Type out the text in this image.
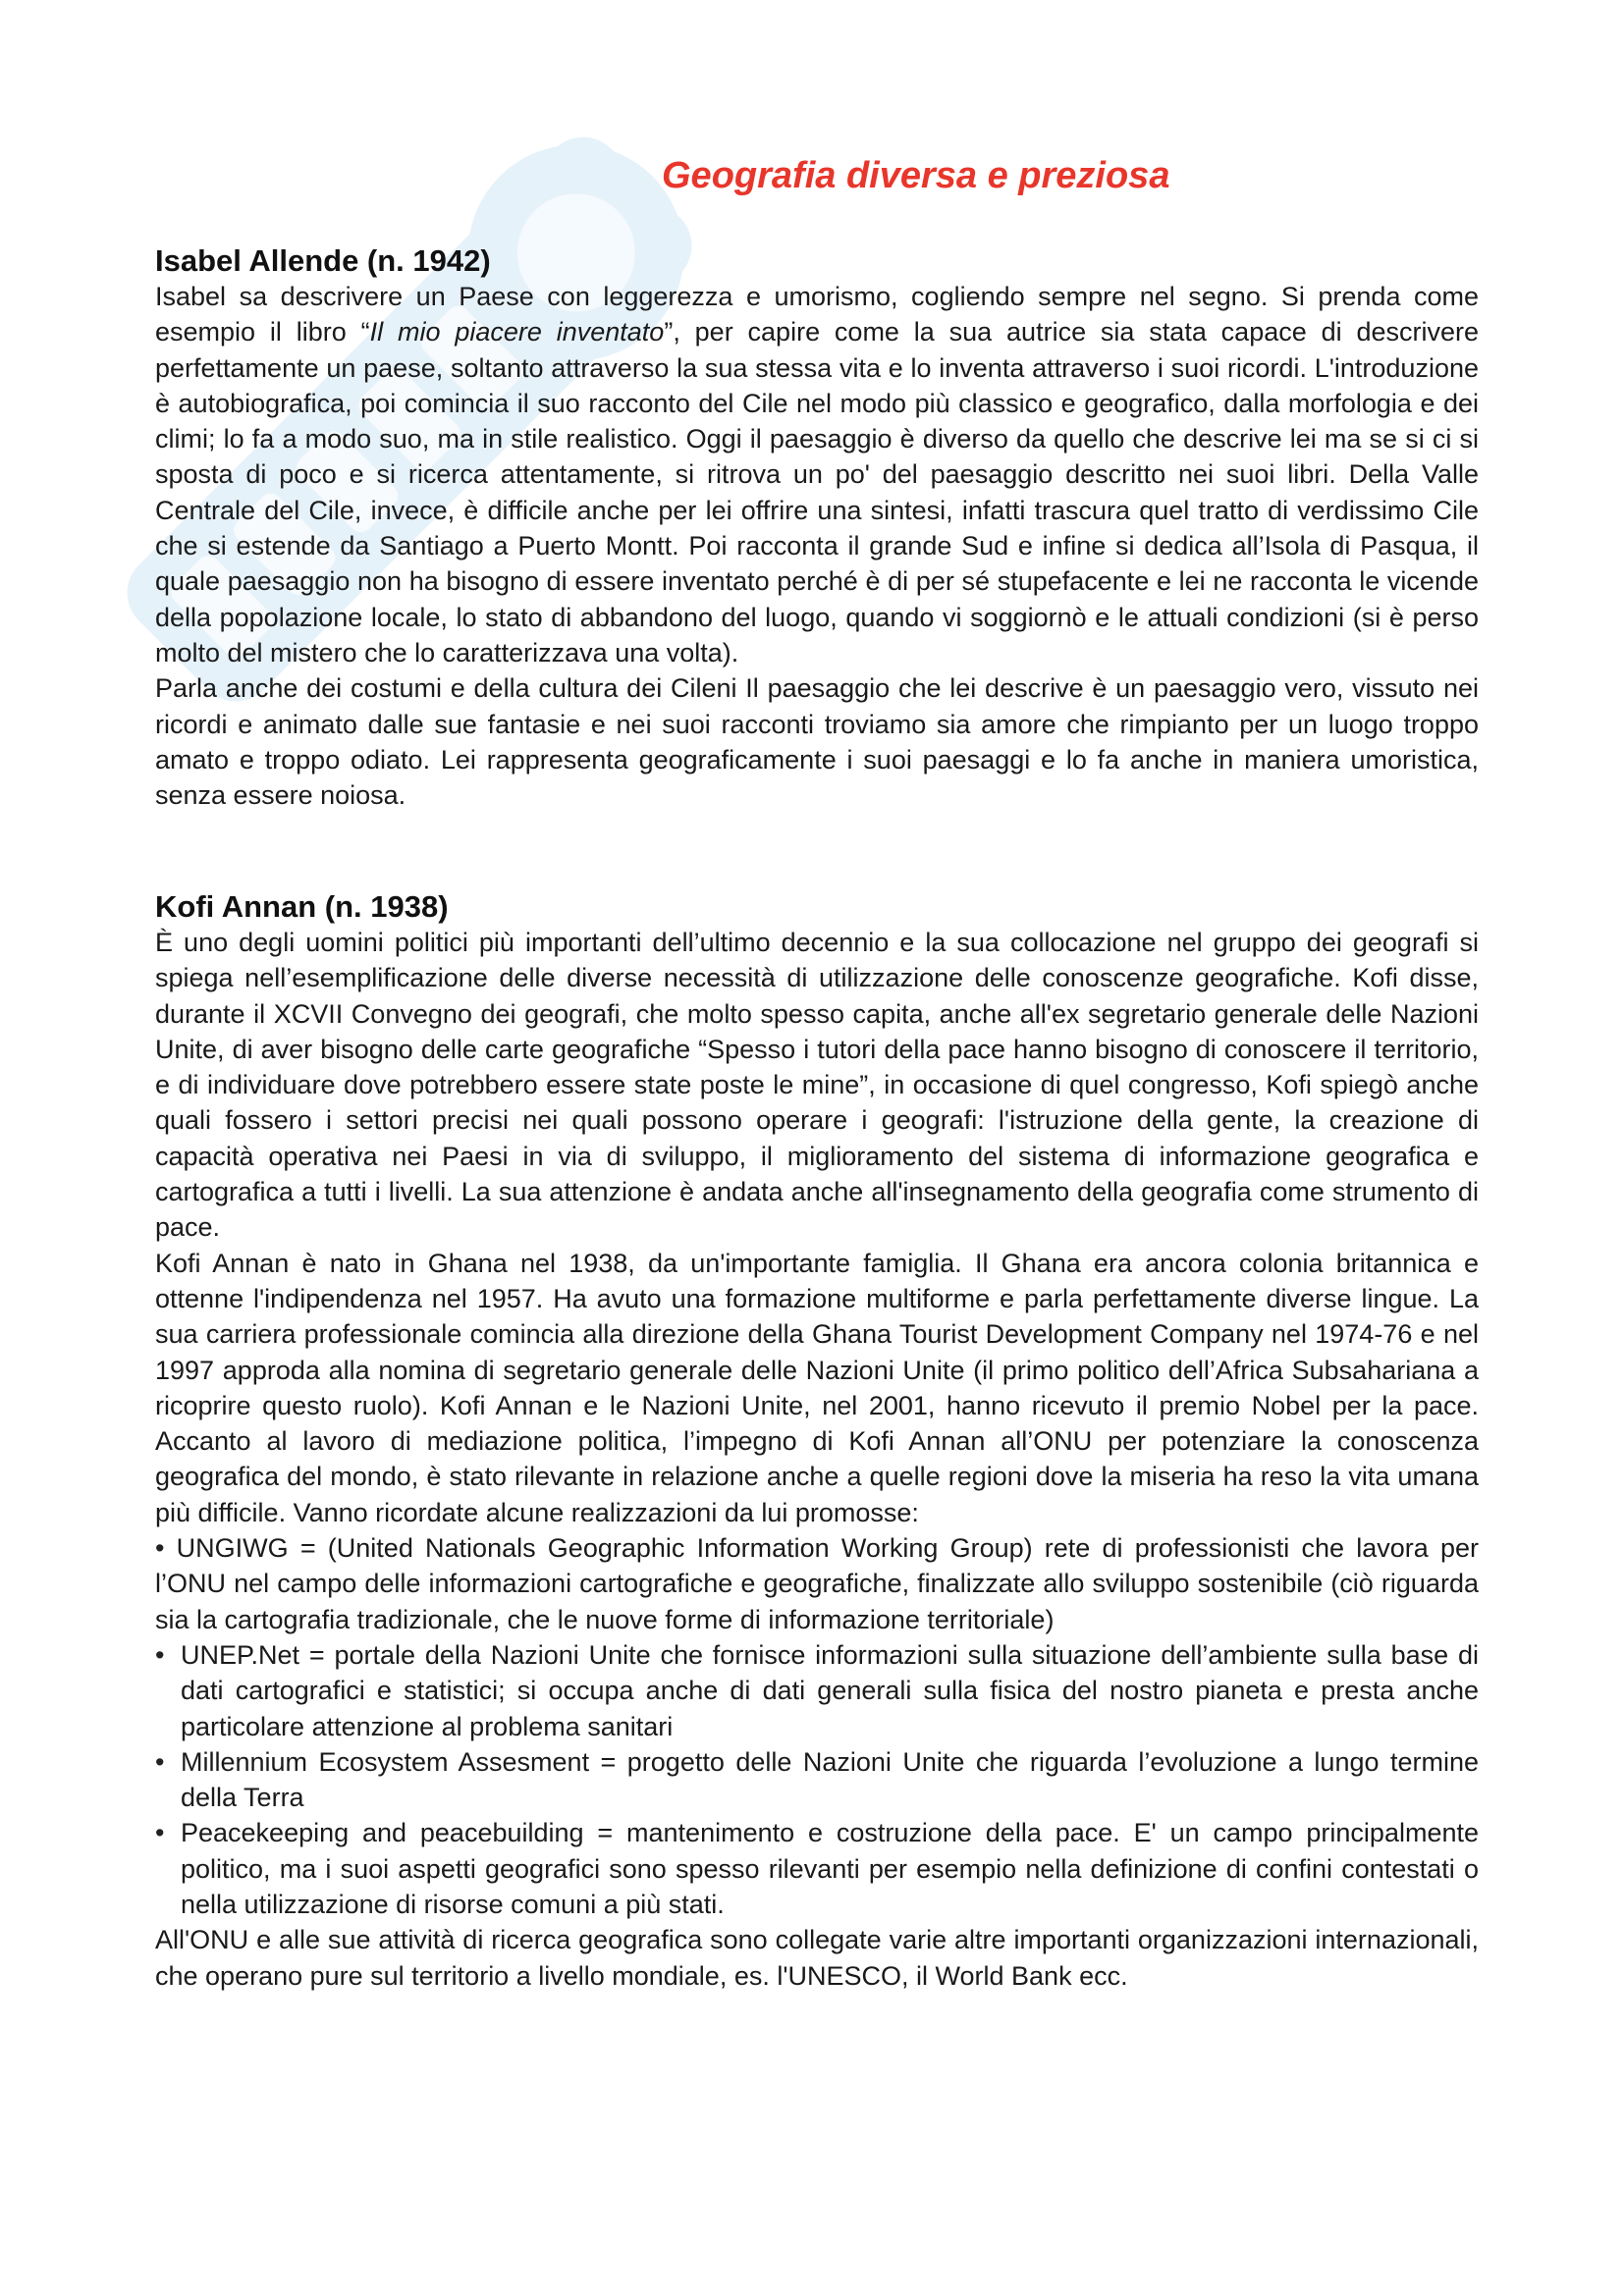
Geografia diversa e preziosa
Isabel Allende (n. 1942)

Isabel sa descrivere un Paese con leggerezza e umorismo, cogliendo sempre nel segno. Si prenda come esempio il libro “Il mio piacere inventato”, per capire come la sua autrice sia stata capace di descrivere perfettamente un paese, soltanto attraverso la sua stessa vita e lo inventa attraverso i suoi ricordi. L'introduzione è autobiografica, poi comincia il suo racconto del Cile nel modo più classico e geografico, dalla morfologia e dei climi; lo fa a modo suo, ma in stile realistico. Oggi il paesaggio è diverso da quello che descrive lei ma se si ci si sposta di poco e si ricerca attentamente, si ritrova un po' del paesaggio descritto nei suoi libri. Della Valle Centrale del Cile, invece, è difficile anche per lei offrire una sintesi, infatti trascura quel tratto di verdissimo Cile che si estende da Santiago a Puerto Montt. Poi racconta il grande Sud e infine si dedica all’Isola di Pasqua, il quale paesaggio non ha bisogno di essere inventato perché è di per sé stupefacente e lei ne racconta le vicende della popolazione locale, lo stato di abbandono del luogo, quando vi soggiornò e le attuali condizioni (si è perso molto del mistero che lo caratterizzava una volta).

Parla anche dei costumi e della cultura dei Cileni Il paesaggio che lei descrive è un paesaggio vero, vissuto nei ricordi e animato dalle sue fantasie e nei suoi racconti troviamo sia amore che rimpianto per un luogo troppo amato e troppo odiato. Lei rappresenta geograficamente i suoi paesaggi e lo fa anche in maniera umoristica, senza essere noiosa.

Kofi Annan (n. 1938)

È uno degli uomini politici più importanti dell’ultimo decennio e la sua collocazione nel gruppo dei geografi si spiega nell’esemplificazione delle diverse necessità di utilizzazione delle conoscenze geografiche. Kofi disse, durante il XCVII Convegno dei geografi, che molto spesso capita, anche all'ex segretario generale delle Nazioni Unite, di aver bisogno delle carte geografiche “Spesso i tutori della pace hanno bisogno di conoscere il territorio, e di individuare dove potrebbero essere state poste le mine”, in occasione di quel congresso, Kofi spiegò anche quali fossero i settori precisi nei quali possono operare i geografi: l'istruzione della gente, la creazione di capacità operativa nei Paesi in via di sviluppo, il miglioramento del sistema di informazione geografica e cartografica a tutti i livelli. La sua attenzione è andata anche all'insegnamento della geografia come strumento di pace.

Kofi Annan è nato in Ghana nel 1938, da un'importante famiglia. Il Ghana era ancora colonia britannica e ottenne l'indipendenza nel 1957. Ha avuto una formazione multiforme e parla perfettamente diverse lingue. La sua carriera professionale comincia alla direzione della Ghana Tourist Development Company nel 1974-76 e nel 1997 approda alla nomina di segretario generale delle Nazioni Unite (il primo politico dell’Africa Subsahariana a ricoprire questo ruolo). Kofi Annan e le Nazioni Unite, nel 2001, hanno ricevuto il premio Nobel per la pace. Accanto al lavoro di mediazione politica, l’impegno di Kofi Annan all’ONU per potenziare la conoscenza geografica del mondo, è stato rilevante in relazione anche a quelle regioni dove la miseria ha reso la vita umana più difficile. Vanno ricordate alcune realizzazioni da lui promosse:

• UNGIWG = (United Nationals Geographic Information Working Group) rete di professionisti che lavora per l’ONU nel campo delle informazioni cartografiche e geografiche, finalizzate allo sviluppo sostenibile (ciò riguarda sia la cartografia tradizionale, che le nuove forme di informazione territoriale)
• UNEP.Net = portale della Nazioni Unite che fornisce informazioni sulla situazione dell’ambiente sulla base di dati cartografici e statistici; si occupa anche di dati generali sulla fisica del nostro pianeta e presta anche particolare attenzione al problema sanitari
• Millennium Ecosystem Assesment = progetto delle Nazioni Unite che riguarda l’evoluzione a lungo termine della Terra
• Peacekeeping and peacebuilding = mantenimento e costruzione della pace. E' un campo principalmente politico, ma i suoi aspetti geografici sono spesso rilevanti per esempio nella definizione di confini contestati o nella utilizzazione di risorse comuni a più stati.

All'ONU e alle sue attività di ricerca geografica sono collegate varie altre importanti organizzazioni internazionali, che operano pure sul territorio a livello mondiale, es. l'UNESCO, il World Bank ecc.
